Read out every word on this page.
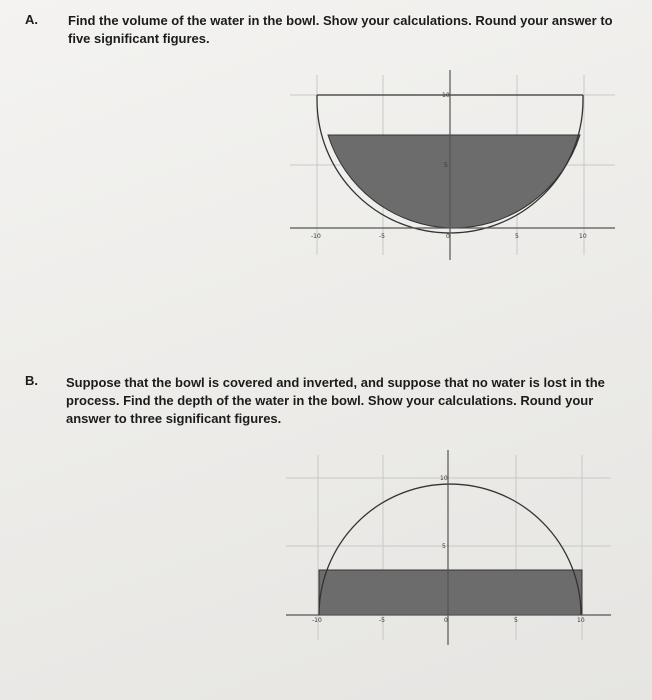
A. Find the volume of the water in the bowl. Show your calculations. Round your answer to five significant figures.
-10	-5	0	5	10
5
10
B. Suppose that the bowl is covered and inverted, and suppose that no water is lost in the process. Find the depth of the water in the bowl. Show your calculations. Round your answer to three significant figures.
-10	-5	0	5	10
5
10
